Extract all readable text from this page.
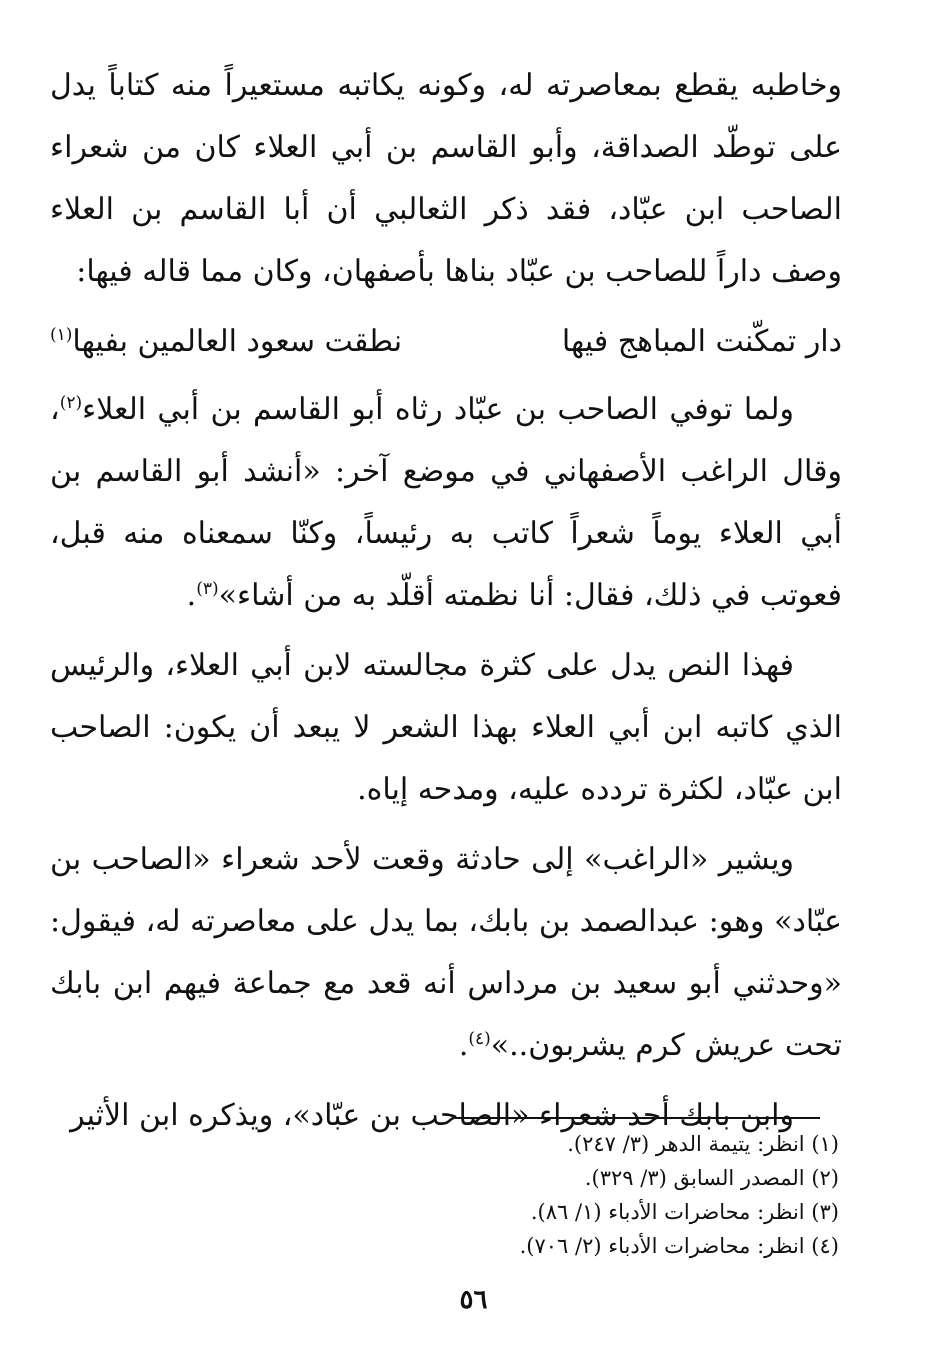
وخاطبه يقطع بمعاصرته له، وكونه يكاتبه مستعيراً منه كتاباً يدل على توطّد الصداقة، وأبو القاسم بن أبي العلاء كان من شعراء الصاحب ابن عبّاد، فقد ذكر الثعالبي أن أبا القاسم بن العلاء وصف داراً للصاحب بن عبّاد بناها بأصفهان، وكان مما قاله فيها:

دار تمكّنت المباهج فيها
نطقت سعود العالمين بفيها$^{(١)}$

ولما توفي الصاحب بن عبّاد رثاه أبو القاسم بن أبي العلاء$^{(٢)}$، وقال الراغب الأصفهاني في موضع آخر: «أنشد أبو القاسم بن أبي العلاء يوماً شعراً كاتب به رئيساً، وكنّا سمعناه منه قبل، فعوتب في ذلك، فقال: أنا نظمته أقلّد به من أشاء»$^{(٣)}$.

فهذا النص يدل على كثرة مجالسته لابن أبي العلاء، والرئيس الذي كاتبه ابن أبي العلاء بهذا الشعر لا يبعد أن يكون: الصاحب ابن عبّاد، لكثرة تردده عليه، ومدحه إياه.

ويشير «الراغب» إلى حادثة وقعت لأحد شعراء «الصاحب بن عبّاد» وهو: عبدالصمد بن بابك، بما يدل على معاصرته له، فيقول: «وحدثني أبو سعيد بن مرداس أنه قعد مع جماعة فيهم ابن بابك تحت عريش كرم يشربون..»$^{(٤)}$.

وابن بابك أحد شعراء «الصاحب بن عبّاد»، ويذكره ابن الأثير

(١) انظر: يتيمة الدهر (٣/ ٢٤٧).
(٢) المصدر السابق (٣/ ٣٢٩).
(٣) انظر: محاضرات الأدباء (١/ ٨٦).
(٤) انظر: محاضرات الأدباء (٢/ ٧٠٦).
٥٦
